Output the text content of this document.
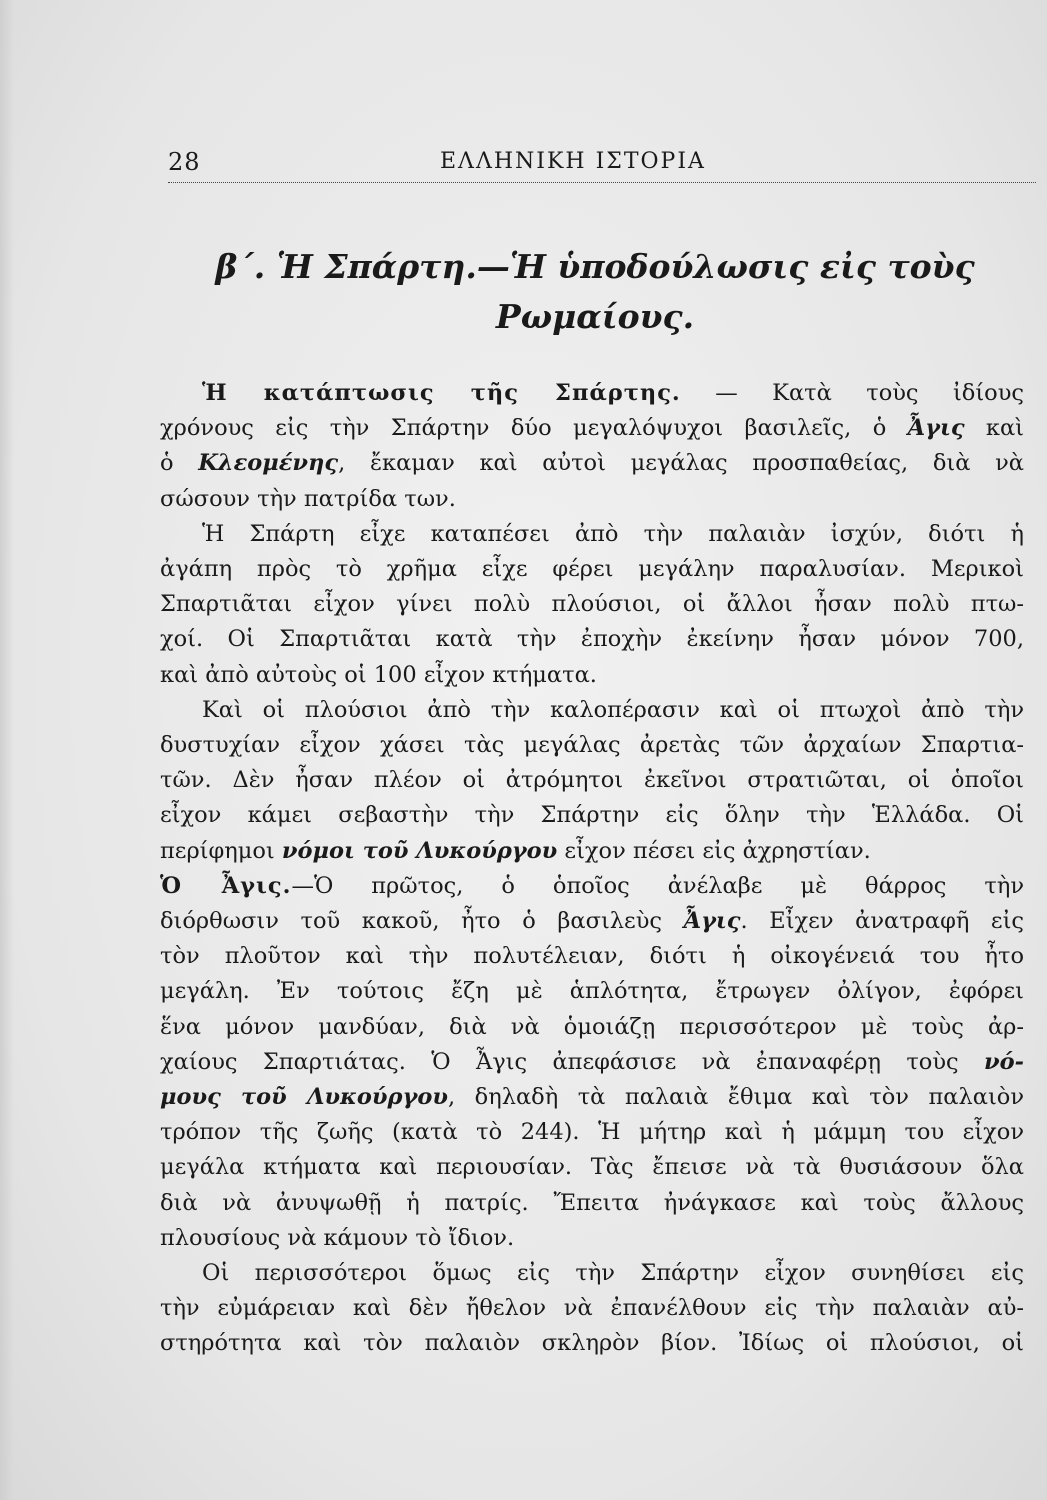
28	ΕΛΛΗΝΙΚΗ ΙΣΤΟΡΙΑ
β΄. Ἡ Σπάρτη.—Ἡ ὑποδούλωσις εἰς τοὺς
Ρωμαίους.

Ἡ κατάπτωσις τῆς Σπάρτης. — Κατὰ τοὺς ἰδίους
χρόνους εἰς τὴν Σπάρτην δύο μεγαλόψυχοι βασιλεῖς, ὁ Ἆγις καὶ
ὁ Κλεομένης, ἔκαμαν καὶ αὐτοὶ μεγάλας προσπαθείας, διὰ νὰ
σώσουν τὴν πατρίδα των.

Ἡ Σπάρτη εἶχε καταπέσει ἀπὸ τὴν παλαιὰν ἰσχύν, διότι ἡ
ἀγάπη πρὸς τὸ χρῆμα εἶχε φέρει μεγάλην παραλυσίαν. Μερικοὶ
Σπαρτιᾶται εἶχον γίνει πολὺ πλούσιοι, οἱ ἄλλοι ἦσαν πολὺ πτω-
χοί. Οἱ Σπαρτιᾶται κατὰ τὴν ἐποχὴν ἐκείνην ἦσαν μόνον 700,
καὶ ἀπὸ αὐτοὺς οἱ 100 εἶχον κτήματα.

Καὶ οἱ πλούσιοι ἀπὸ τὴν καλοπέρασιν καὶ οἱ πτωχοὶ ἀπὸ τὴν
δυστυχίαν εἶχον χάσει τὰς μεγάλας ἀρετὰς τῶν ἀρχαίων Σπαρτια-
τῶν. Δὲν ἦσαν πλέον οἱ ἀτρόμητοι ἐκεῖνοι στρατιῶται, οἱ ὁποῖοι
εἶχον κάμει σεβαστὴν τὴν Σπάρτην εἰς ὅλην τὴν Ἑλλάδα. Οἱ
περίφημοι νόμοι τοῦ Λυκούργου εἶχον πέσει εἰς ἀχρηστίαν.

Ὁ Ἆγις.—Ὁ πρῶτος, ὁ ὁποῖος ἀνέλαβε μὲ θάρρος τὴν
διόρθωσιν τοῦ κακοῦ, ἦτο ὁ βασιλεὺς Ἆγις. Εἶχεν ἀνατραφῆ εἰς
τὸν πλοῦτον καὶ τὴν πολυτέλειαν, διότι ἡ οἰκογένειά του ἦτο
μεγάλη. Ἐν τούτοις ἔζη μὲ ἁπλότητα, ἔτρωγεν ὀλίγον, ἐφόρει
ἕνα μόνον μανδύαν, διὰ νὰ ὁμοιάζῃ περισσότερον μὲ τοὺς ἀρ-
χαίους Σπαρτιάτας. Ὁ Ἆγις ἀπεφάσισε νὰ ἐπαναφέρῃ τοὺς νό-
μους τοῦ Λυκούργου, δηλαδὴ τὰ παλαιὰ ἔθιμα καὶ τὸν παλαιὸν
τρόπον τῆς ζωῆς (κατὰ τὸ 244). Ἡ μήτηρ καὶ ἡ μάμμη του εἶχον
μεγάλα κτήματα καὶ περιουσίαν. Τὰς ἔπεισε νὰ τὰ θυσιάσουν ὅλα
διὰ νὰ ἀνυψωθῇ ἡ πατρίς. Ἔπειτα ἠνάγκασε καὶ τοὺς ἄλλους
πλουσίους νὰ κάμουν τὸ ἴδιον.

Οἱ περισσότεροι ὅμως εἰς τὴν Σπάρτην εἶχον συνηθίσει εἰς
τὴν εὐμάρειαν καὶ δὲν ἤθελον νὰ ἐπανέλθουν εἰς τὴν παλαιὰν αὐ-
στηρότητα καὶ τὸν παλαιὸν σκληρὸν βίον. Ἰδίως οἱ πλούσιοι, οἱ
